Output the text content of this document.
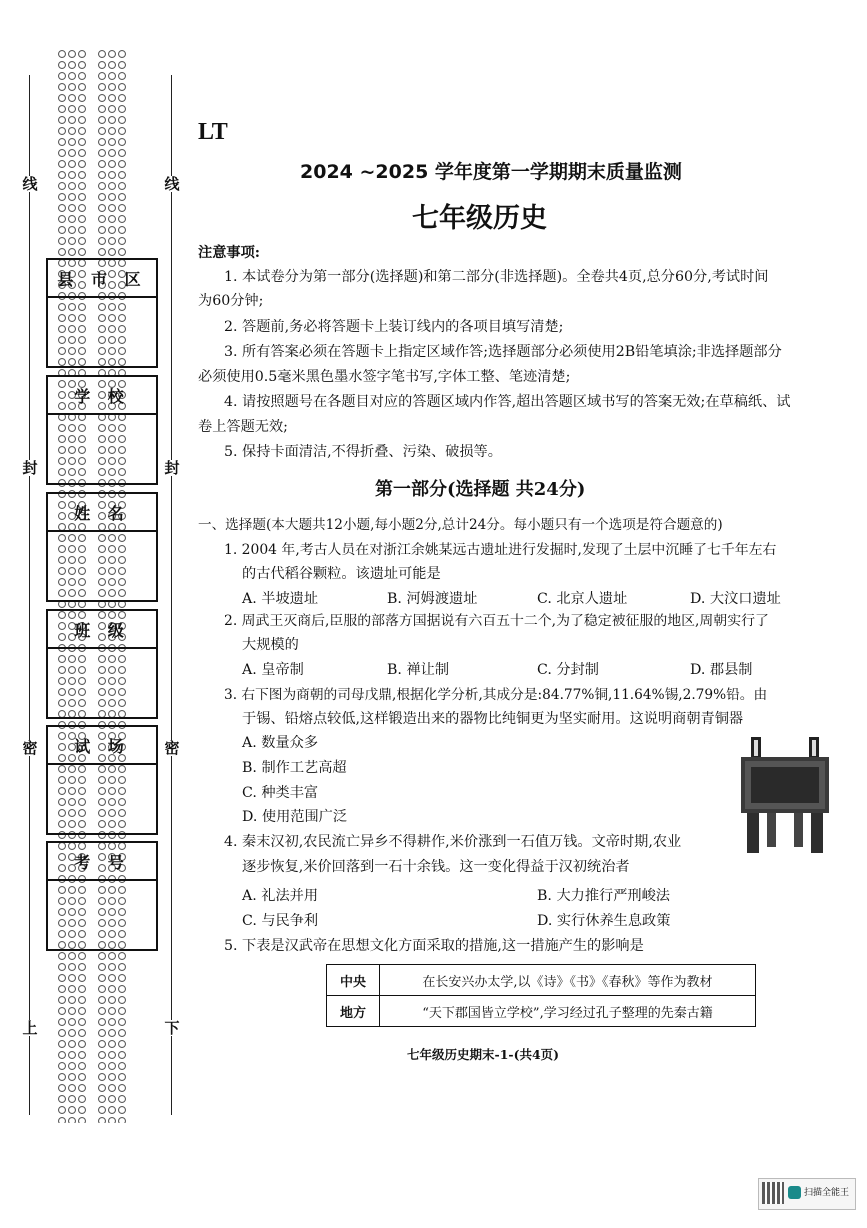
线	线
封	封
密	密
上	下
县 市 区
学 校
姓 名
班 级
试 场
考 号
LT
2024 ~2025 学年度第一学期期末质量监测
七年级历史
注意事项:
1. 本试卷分为第一部分(选择题)和第二部分(非选择题)。全卷共4页,总分60分,考试时间
为60分钟;
2. 答题前,务必将答题卡上装订线内的各项目填写清楚;
3. 所有答案必须在答题卡上指定区域作答;选择题部分必须使用2B铅笔填涂;非选择题部分
必须使用0.5毫米黑色墨水签字笔书写,字体工整、笔迹清楚;
4. 请按照题号在各题目对应的答题区域内作答,超出答题区域书写的答案无效;在草稿纸、试
卷上答题无效;
5. 保持卡面清洁,不得折叠、污染、破损等。
第一部分(选择题 共24分)
一、选择题(本大题共12小题,每小题2分,总计24分。每小题只有一个选项是符合题意的)
1. 2004 年,考古人员在对浙江余姚某远古遗址进行发掘时,发现了土层中沉睡了七千年左右
的古代稻谷颗粒。该遗址可能是
A. 半坡遗址	B. 河姆渡遗址	C. 北京人遗址	D. 大汶口遗址
2. 周武王灭商后,臣服的部落方国据说有六百五十二个,为了稳定被征服的地区,周朝实行了
大规模的
A. 皇帝制	B. 禅让制	C. 分封制	D. 郡县制
3. 右下图为商朝的司母戊鼎,根据化学分析,其成分是:84.77%铜,11.64%锡,2.79%铅。由
于锡、铅熔点较低,这样锻造出来的器物比纯铜更为坚实耐用。这说明商朝青铜器
A. 数量众多
B. 制作工艺高超
C. 种类丰富
D. 使用范围广泛
4. 秦末汉初,农民流亡异乡不得耕作,米价涨到一石值万钱。文帝时期,农业
逐步恢复,米价回落到一石十余钱。这一变化得益于汉初统治者
A. 礼法并用	B. 大力推行严刑峻法
C. 与民争利	D. 实行休养生息政策
5. 下表是汉武帝在思想文化方面采取的措施,这一措施产生的影响是
中央	在长安兴办太学,以《诗》《书》《春秋》等作为教材
地方	“天下郡国皆立学校”,学习经过孔子整理的先秦古籍
七年级历史期末-1-(共4页)
扫描全能王
